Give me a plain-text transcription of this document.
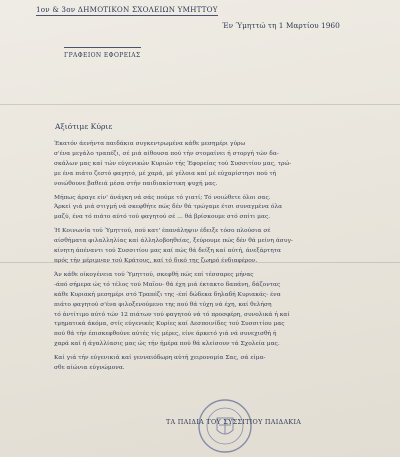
1ον & 3ον ΔΗΜΟΤΙΚΟΝ ΣΧΟΛΕΙΩΝ ΥΜΗΤΤΟΥ
Έν Ύμηττώ τη 1 Μαρτίου 1960
ΓΡΑΦΕΙΟΝ ΕΦΟΡΕΙΑΣ
Αξιότιμε Κύριε
Έκατόν άενήντα παιδάκια συγκεντρωμένα κάθε μεσημέρι γύρω
σ'ένα μεγάλο τραπέζι, σέ μιά αίθουσα πού τήν στομαίνει ή στοργή τών δα-
σκάλων μας καί τών εύγενικών Κυριών τής Έφορείας τού Συσσιτίου μας, τρώ-
με ένα πιάτο ζεστό φαγητό, μέ χαρά, μέ γέλοια καί μέ εύχαρίστησι πού τή
νοιώθουνε βαθειά μέσα στήν παιδιακίστικη ψυχή μας.
Μήπως άραγε είν' άνάγκη νά σάς πούμε τό γιατί; Τό νοιώθετε όλοι σας.
Άρκεί γιά μιά στιγμή νά σκεφθήτε πώς δέν θά τρώγαμε έτσι συναγμένα όλα
μαζύ, ένα τό πιάτο αύτό τού φαγητού σέ ... θά βρίσκουμε στό σπίτι μας.
Ή Κοινωνία τού Ύμηττού, πού κατ' έπανάληψιν έδειξε τόσο πλούσια σέ
αίσθήματα φιλαλληλίας καί άλληλοβοηθείας, ξεύρουμε πώς δέν θά μείνη άσυγ-
κίνητη άπέναντι τού Συσσιτίου μας καί πώς θά δείξη καί αύτή, άνεξάρτητα
πρός τήν μέριμναν τού Κράτους, καί τό δικό της ζωηρό ένδιαφέρον.
Άν κάθε οίκογένεια τού Ύμηττού, σκεφθή πώς επί τέσσαρες μήνας
-άπό σήμερα ώς τό τέλος τού Μαΐου- θά έχη μιά έκτακτο δαπάνη, δάζοντας
κάθε Κυριακή μεσημέρι στό Τραπέζι της -έπί δώδεκα δηλαδή Κυριακάς- ένα
πιάτο φαγητού σ'ένα φιλοξενούμενο της πού θά τύχη νά έχη, καί θελήση
τό άντίτιμο αύτό τών 12 πιάτων τού φαγητού νά τό προσφέρη, συνολικά ή καί
τμηματικά άκόμα, στίς εύγενικές Κυρίες καί Δεσποινίδες τού Συσσιτίου μας
πού θά τήν έπισκεφθούνε αύτές τίς μέρες, είνε άρκετό γιά νά συνεχισθή ή
χαρά καί ή άγαλλίασις μας ώς τήν ήμέρα πού θά κλείσουν τά Σχολεία μας.
Καί γιά τήν εύγενικιά καί γενναιόδωρη αύτή χειρονομία Σας, σά είμα-
σθε αίώνια εύγνώμονα.
ΤΑ ΠΑΙΔΙΑ ΤΟΥ ΣΥΣΣΙΤΙΟΥ ΠΑΙΔΑΚΙΑ
